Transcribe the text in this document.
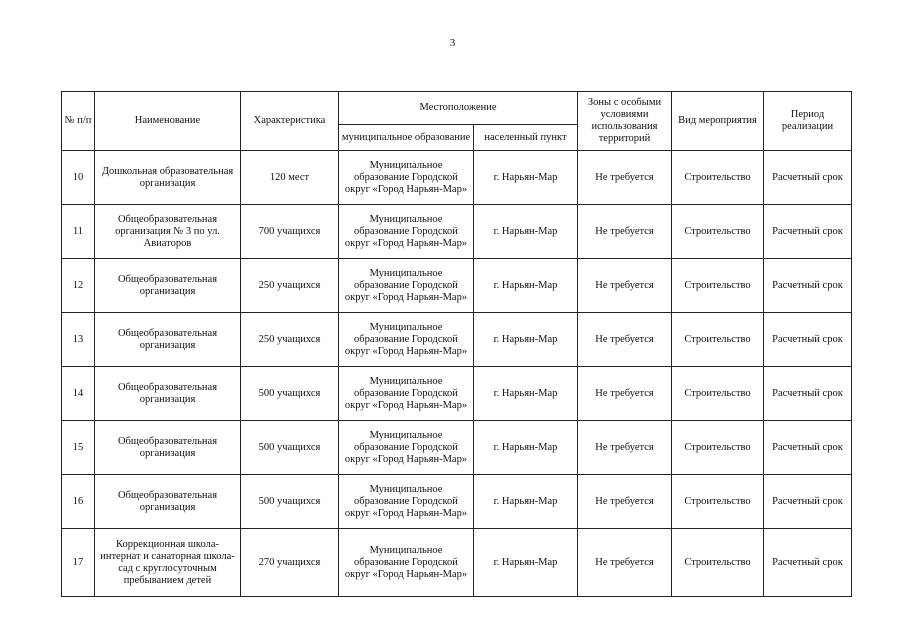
3
№ п/п	Наименование	Характеристика	Местоположение		Зоны с особыми условиями использования территорий	Вид мероприятия	Период реализации
			муниципальное образование	населенный пункт			
10	Дошкольная образовательная организация	120 мест	Муниципальное образование Городской округ «Город Нарьян-Мар»	г. Нарьян-Мар	Не требуется	Строительство	Расчетный срок
11	Общеобразовательная организация № 3 по ул. Авиаторов	700 учащихся	Муниципальное образование Городской округ «Город Нарьян-Мар»	г. Нарьян-Мар	Не требуется	Строительство	Расчетный срок
12	Общеобразовательная организация	250 учащихся	Муниципальное образование Городской округ «Город Нарьян-Мар»	г. Нарьян-Мар	Не требуется	Строительство	Расчетный срок
13	Общеобразовательная организация	250 учащихся	Муниципальное образование Городской округ «Город Нарьян-Мар»	г. Нарьян-Мар	Не требуется	Строительство	Расчетный срок
14	Общеобразовательная организация	500 учащихся	Муниципальное образование Городской округ «Город Нарьян-Мар»	г. Нарьян-Мар	Не требуется	Строительство	Расчетный срок
15	Общеобразовательная организация	500 учащихся	Муниципальное образование Городской округ «Город Нарьян-Мар»	г. Нарьян-Мар	Не требуется	Строительство	Расчетный срок
16	Общеобразовательная организация	500 учащихся	Муниципальное образование Городской округ «Город Нарьян-Мар»	г. Нарьян-Мар	Не требуется	Строительство	Расчетный срок
17	Коррекционная школа-интернат и санаторная школа-сад с круглосуточным пребыванием детей	270 учащихся	Муниципальное образование Городской округ «Город Нарьян-Мар»	г. Нарьян-Мар	Не требуется	Строительство	Расчетный срок
